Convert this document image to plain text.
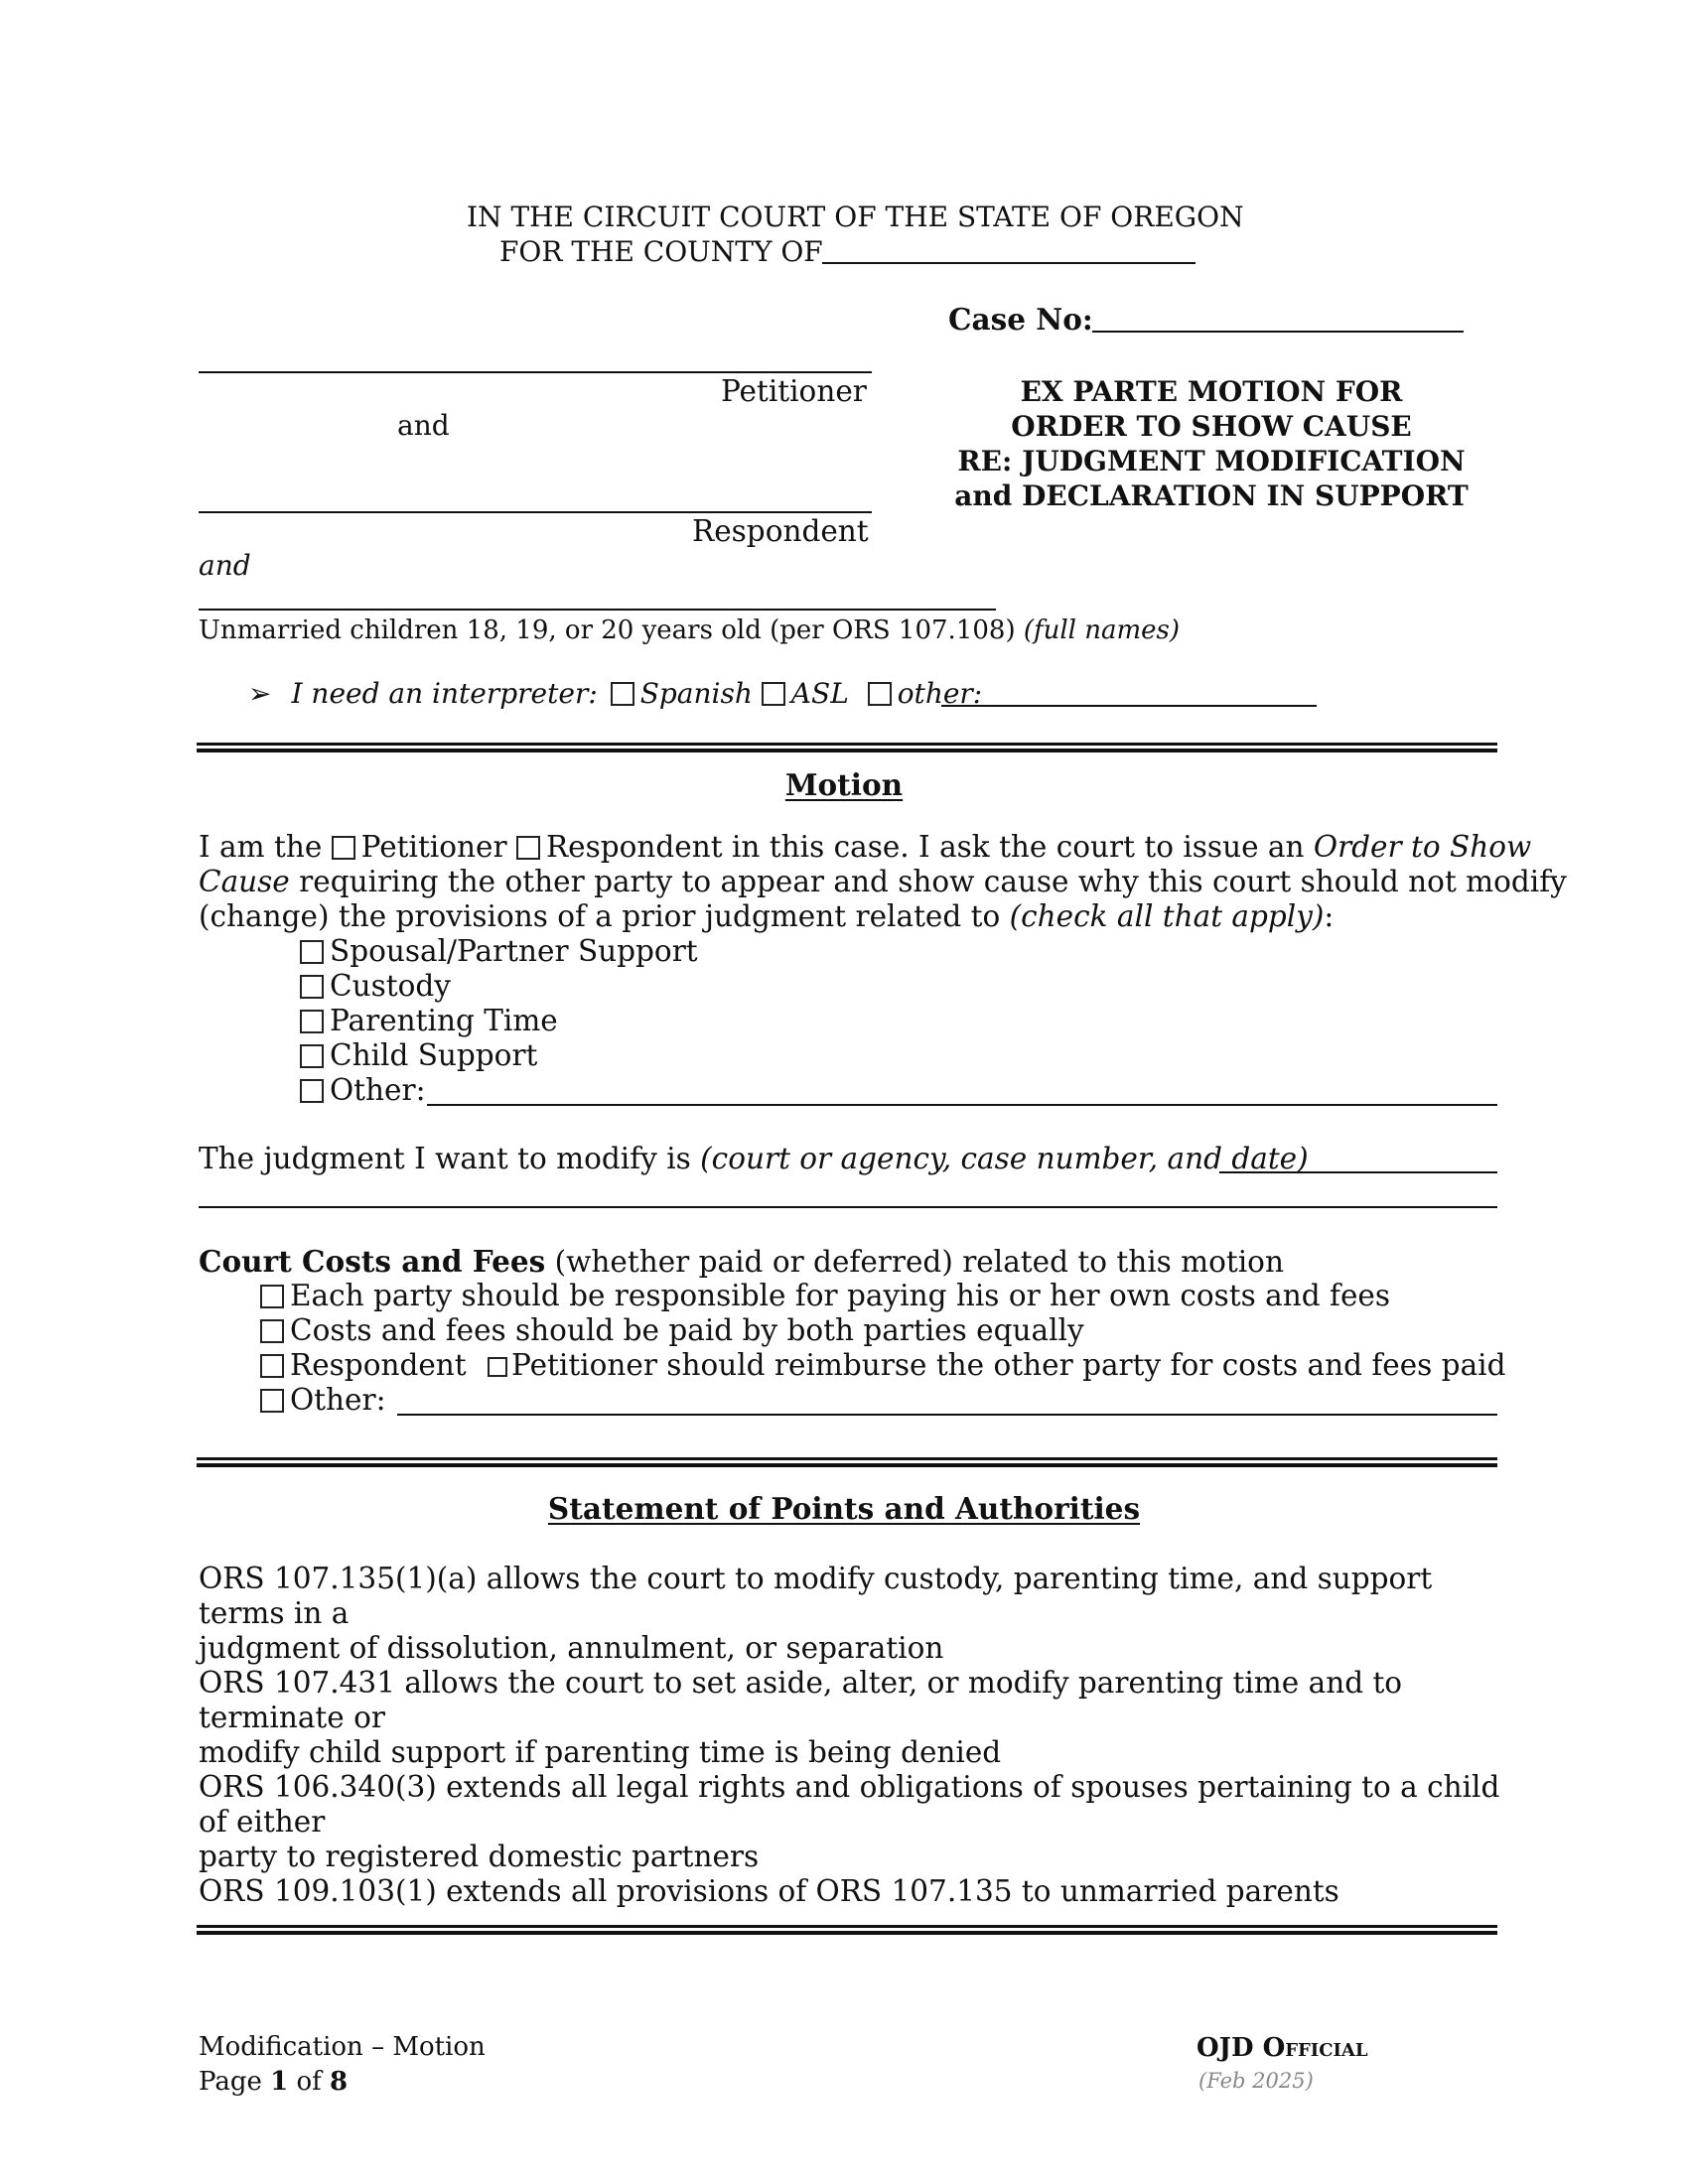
IN THE CIRCUIT COURT OF THE STATE OF OREGON
FOR THE COUNTY OF
Case No:
Petitioner
and
Respondent
and
Unmarried children 18, 19, or 20 years old (per ORS 107.108) (full names)
EX PARTE MOTION FOR
ORDER TO SHOW CAUSE
RE: JUDGMENT MODIFICATION
and DECLARATION IN SUPPORT
➢ I need an interpreter: Spanish ASL other:
Motion
I am the Petitioner Respondent in this case. I ask the court to issue an Order to Show
Cause requiring the other party to appear and show cause why this court should not modify
(change) the provisions of a prior judgment related to (check all that apply):
Spousal/Partner Support
Custody
Parenting Time
Child Support
Other:
The judgment I want to modify is (court or agency, case number, and date)
Court Costs and Fees (whether paid or deferred) related to this motion
Each party should be responsible for paying his or her own costs and fees
Costs and fees should be paid by both parties equally
Respondent Petitioner should reimburse the other party for costs and fees paid
Other:
Statement of Points and Authorities
ORS 107.135(1)(a) allows the court to modify custody, parenting time, and support terms in a
judgment of dissolution, annulment, or separation
ORS 107.431 allows the court to set aside, alter, or modify parenting time and to terminate or
modify child support if parenting time is being denied
ORS 106.340(3) extends all legal rights and obligations of spouses pertaining to a child of either
party to registered domestic partners
ORS 109.103(1) extends all provisions of ORS 107.135 to unmarried parents
Modification – Motion
Page 1 of 8
OJD Official
(Feb 2025)
